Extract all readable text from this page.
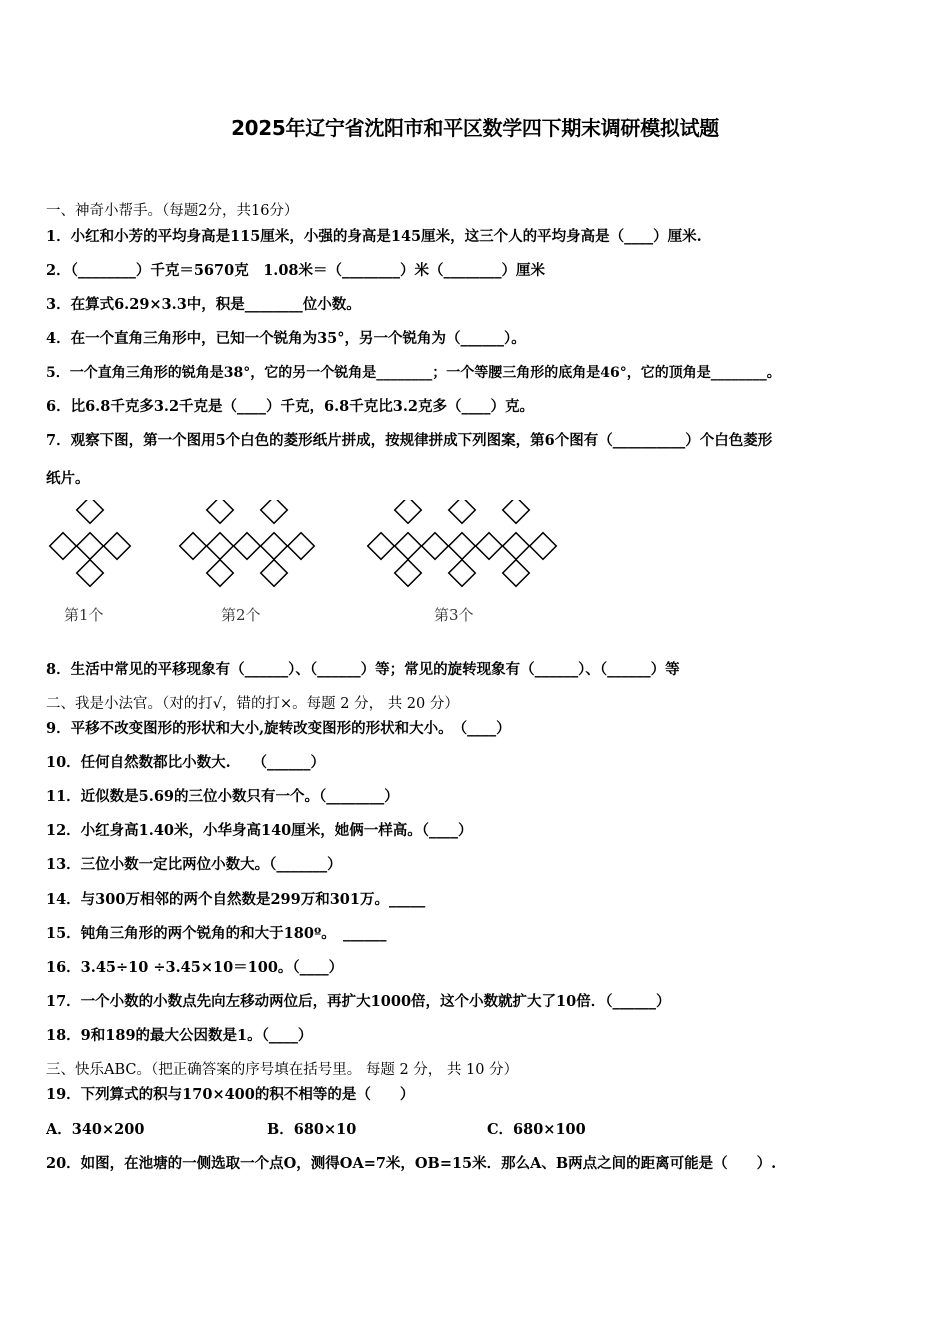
2025年辽宁省沈阳市和平区数学四下期末调研模拟试题
一、神奇小帮手。（每题2分，共16分）
1．小红和小芳的平均身高是115厘米，小强的身高是145厘米，这三个人的平均身高是（____）厘米.
2．（________）千克＝5670克　1.08米＝（________）米（________）厘米
3．在算式6.29×3.3中，积是________位小数。
4．在一个直角三角形中，已知一个锐角为35°，另一个锐角为（______）。
5．一个直角三角形的锐角是38°，它的另一个锐角是________；一个等腰三角形的底角是46°，它的顶角是________。
6．比6.8千克多3.2千克是（____）千克，6.8千克比3.2克多（____）克。
7．观察下图，第一个图用5个白色的菱形纸片拼成，按规律拼成下列图案，第6个图有（__________）个白色菱形
纸片。
第1个	第2个	第3个
8．生活中常见的平移现象有（______）、（______）等；常见的旋转现象有（______）、（______）等
二、我是小法官。（对的打√，错的打×。每题 2 分， 共 20 分）
9．平移不改变图形的形状和大小,旋转改变图形的形状和大小。　（____）
10．任何自然数都比小数大.　　（______）
11．近似数是5.69的三位小数只有一个。（________）
12．小红身高1.40米，小华身高140厘米，她俩一样高。（____）
13．三位小数一定比两位小数大。（_______）
14．与300万相邻的两个自然数是299万和301万。_____
15．钝角三角形的两个锐角的和大于180º。　______
16．3.45÷10 ÷3.45×10＝100。（____）
17．一个小数的小数点先向左移动两位后，再扩大1000倍，这个小数就扩大了10倍．（______）
18．9和189的最大公因数是1。（____）
三、快乐ABC。（把正确答案的序号填在括号里。 每题 2 分， 共 10 分）
19．下列算式的积与170×400的积不相等的是（　　）
A．340×200	B．680×10	C．680×100
20．如图，在池塘的一侧选取一个点O，测得OA=7米，OB=15米．那么A、B两点之间的距离可能是（　　）.
